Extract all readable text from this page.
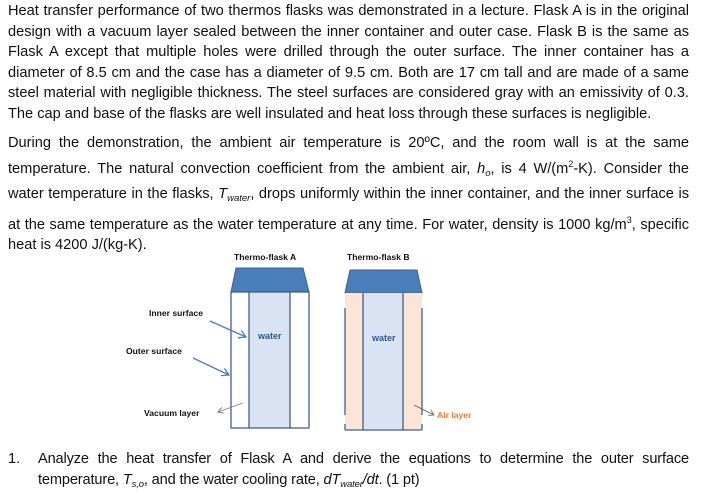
Heat transfer performance of two thermos flasks was demonstrated in a lecture. Flask A is in the original design with a vacuum layer sealed between the inner container and outer case. Flask B is the same as Flask A except that multiple holes were drilled through the outer surface. The inner container has a diameter of 8.5 cm and the case has a diameter of 9.5 cm. Both are 17 cm tall and are made of a same steel material with negligible thickness. The steel surfaces are considered gray with an emissivity of 0.3. The cap and base of the flasks are well insulated and heat loss through these surfaces is negligible.

During the demonstration, the ambient air temperature is 20ºC, and the room wall is at the same temperature. The natural convection coefficient from the ambient air, $h_o$, is 4 $W/(m^2-K)$. Consider the water temperature in the flasks, $T_{water}$, drops uniformly within the inner container, and the inner surface is at the same temperature as the water temperature at any time. For water, density is 1000 $kg/m^3$, specific heat is 4200 J/(kg-K).

Thermo-flask A
Inner surface
Outer surface
Vacuum layer
water
Thermo-flask B
water
Air layer
1. Analyze the heat transfer of Flask A and derive the equations to determine the outer surface temperature, $T_{s,o}$, and the water cooling rate, $dT_{water}/dt$. (1 pt)
